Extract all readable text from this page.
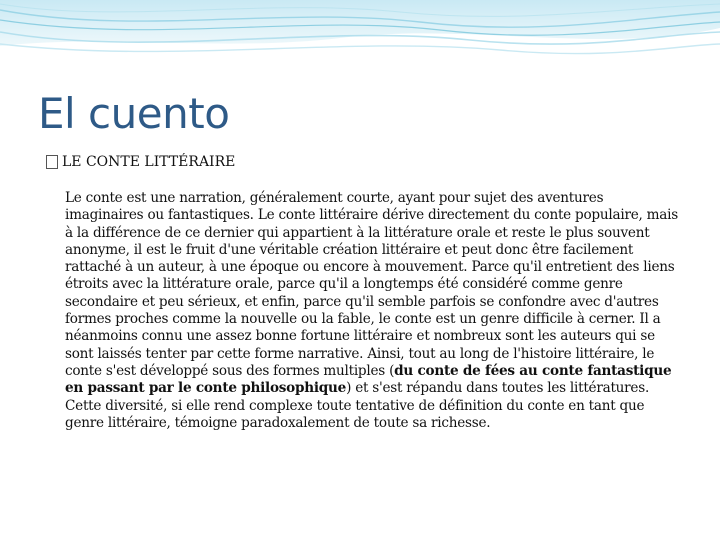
El cuento
LE CONTE LITTÉRAIRE

Le conte est une narration, généralement courte, ayant pour sujet des aventures imaginaires ou fantastiques. Le conte littéraire dérive directement du conte populaire, mais à la différence de ce dernier qui appartient à la littérature orale et reste le plus souvent anonyme, il est le fruit d'une véritable création littéraire et peut donc être facilement rattaché à un auteur, à une époque ou encore à mouvement. Parce qu'il entretient des liens étroits avec la littérature orale, parce qu'il a longtemps été considéré comme genre secondaire et peu sérieux, et enfin, parce qu'il semble parfois se confondre avec d'autres formes proches comme la nouvelle ou la fable, le conte est un genre difficile à cerner. Il a néanmoins connu une assez bonne fortune littéraire et nombreux sont les auteurs qui se sont laissés tenter par cette forme narrative. Ainsi, tout au long de l'histoire littéraire, le conte s'est développé sous des formes multiples (du conte de fées au conte fantastique en passant par le conte philosophique) et s'est répandu dans toutes les littératures. Cette diversité, si elle rend complexe toute tentative de définition du conte en tant que genre littéraire, témoigne paradoxalement de toute sa richesse.
